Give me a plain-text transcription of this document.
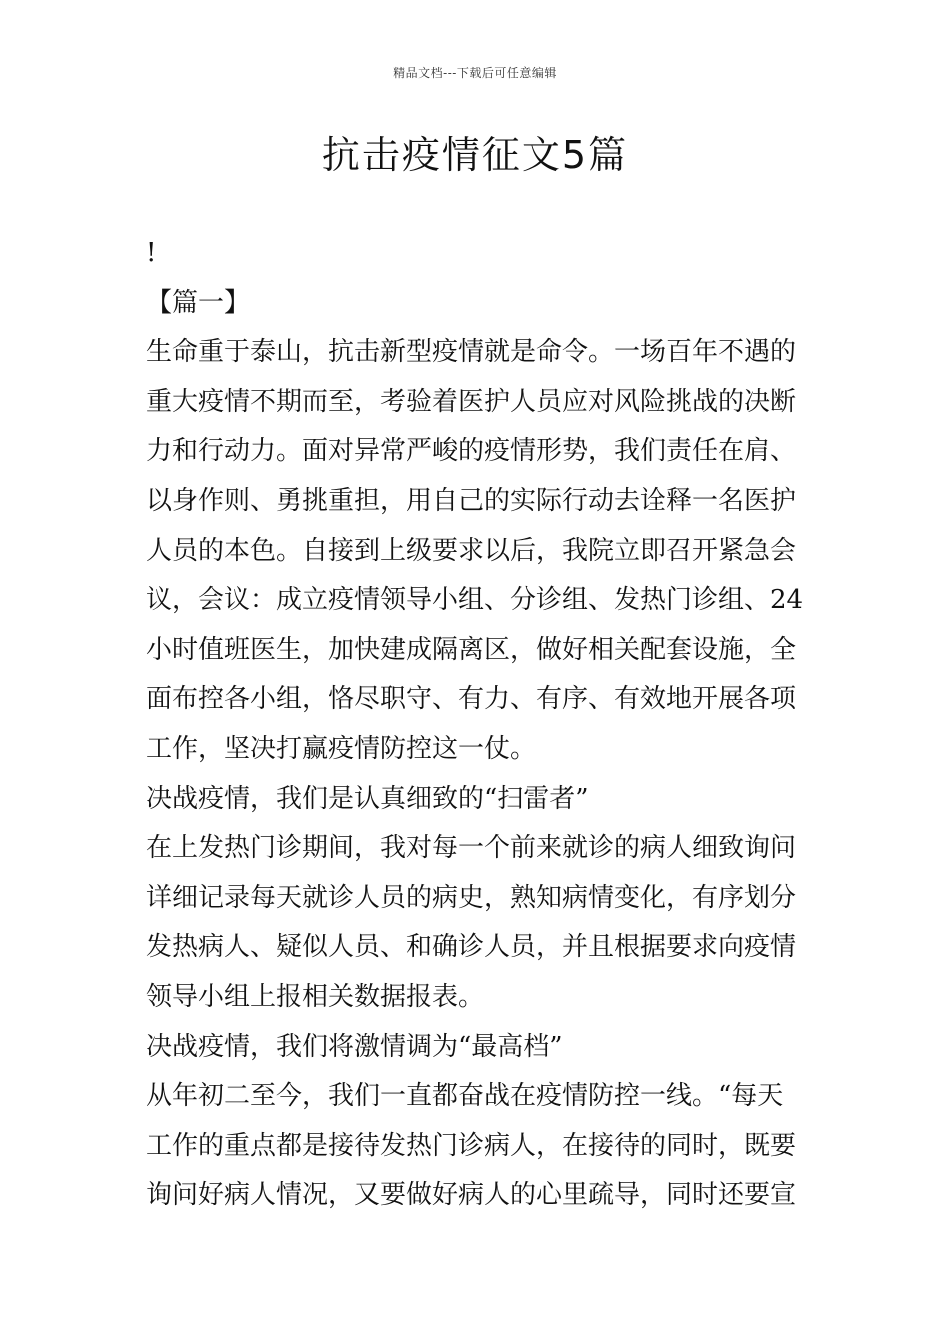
精品文档---下载后可任意编辑
抗击疫情征文5篇
!
【篇一】
生命重于泰山，抗击新型疫情就是命令。一场百年不遇的
重大疫情不期而至，考验着医护人员应对风险挑战的决断
力和行动力。面对异常严峻的疫情形势，我们责任在肩、
以身作则、勇挑重担，用自己的实际行动去诠释一名医护
人员的本色。自接到上级要求以后，我院立即召开紧急会
议，会议：成立疫情领导小组、分诊组、发热门诊组、24
小时值班医生，加快建成隔离区，做好相关配套设施，全
面布控各小组，恪尽职守、有力、有序、有效地开展各项
工作，坚决打赢疫情防控这一仗。
决战疫情，我们是认真细致的“扫雷者”
在上发热门诊期间，我对每一个前来就诊的病人细致询问
详细记录每天就诊人员的病史，熟知病情变化，有序划分
发热病人、疑似人员、和确诊人员，并且根据要求向疫情
领导小组上报相关数据报表。
决战疫情，我们将激情调为“最高档”
从年初二至今，我们一直都奋战在疫情防控一线。“每天
工作的重点都是接待发热门诊病人，在接待的同时，既要
询问好病人情况，又要做好病人的心里疏导，同时还要宣
